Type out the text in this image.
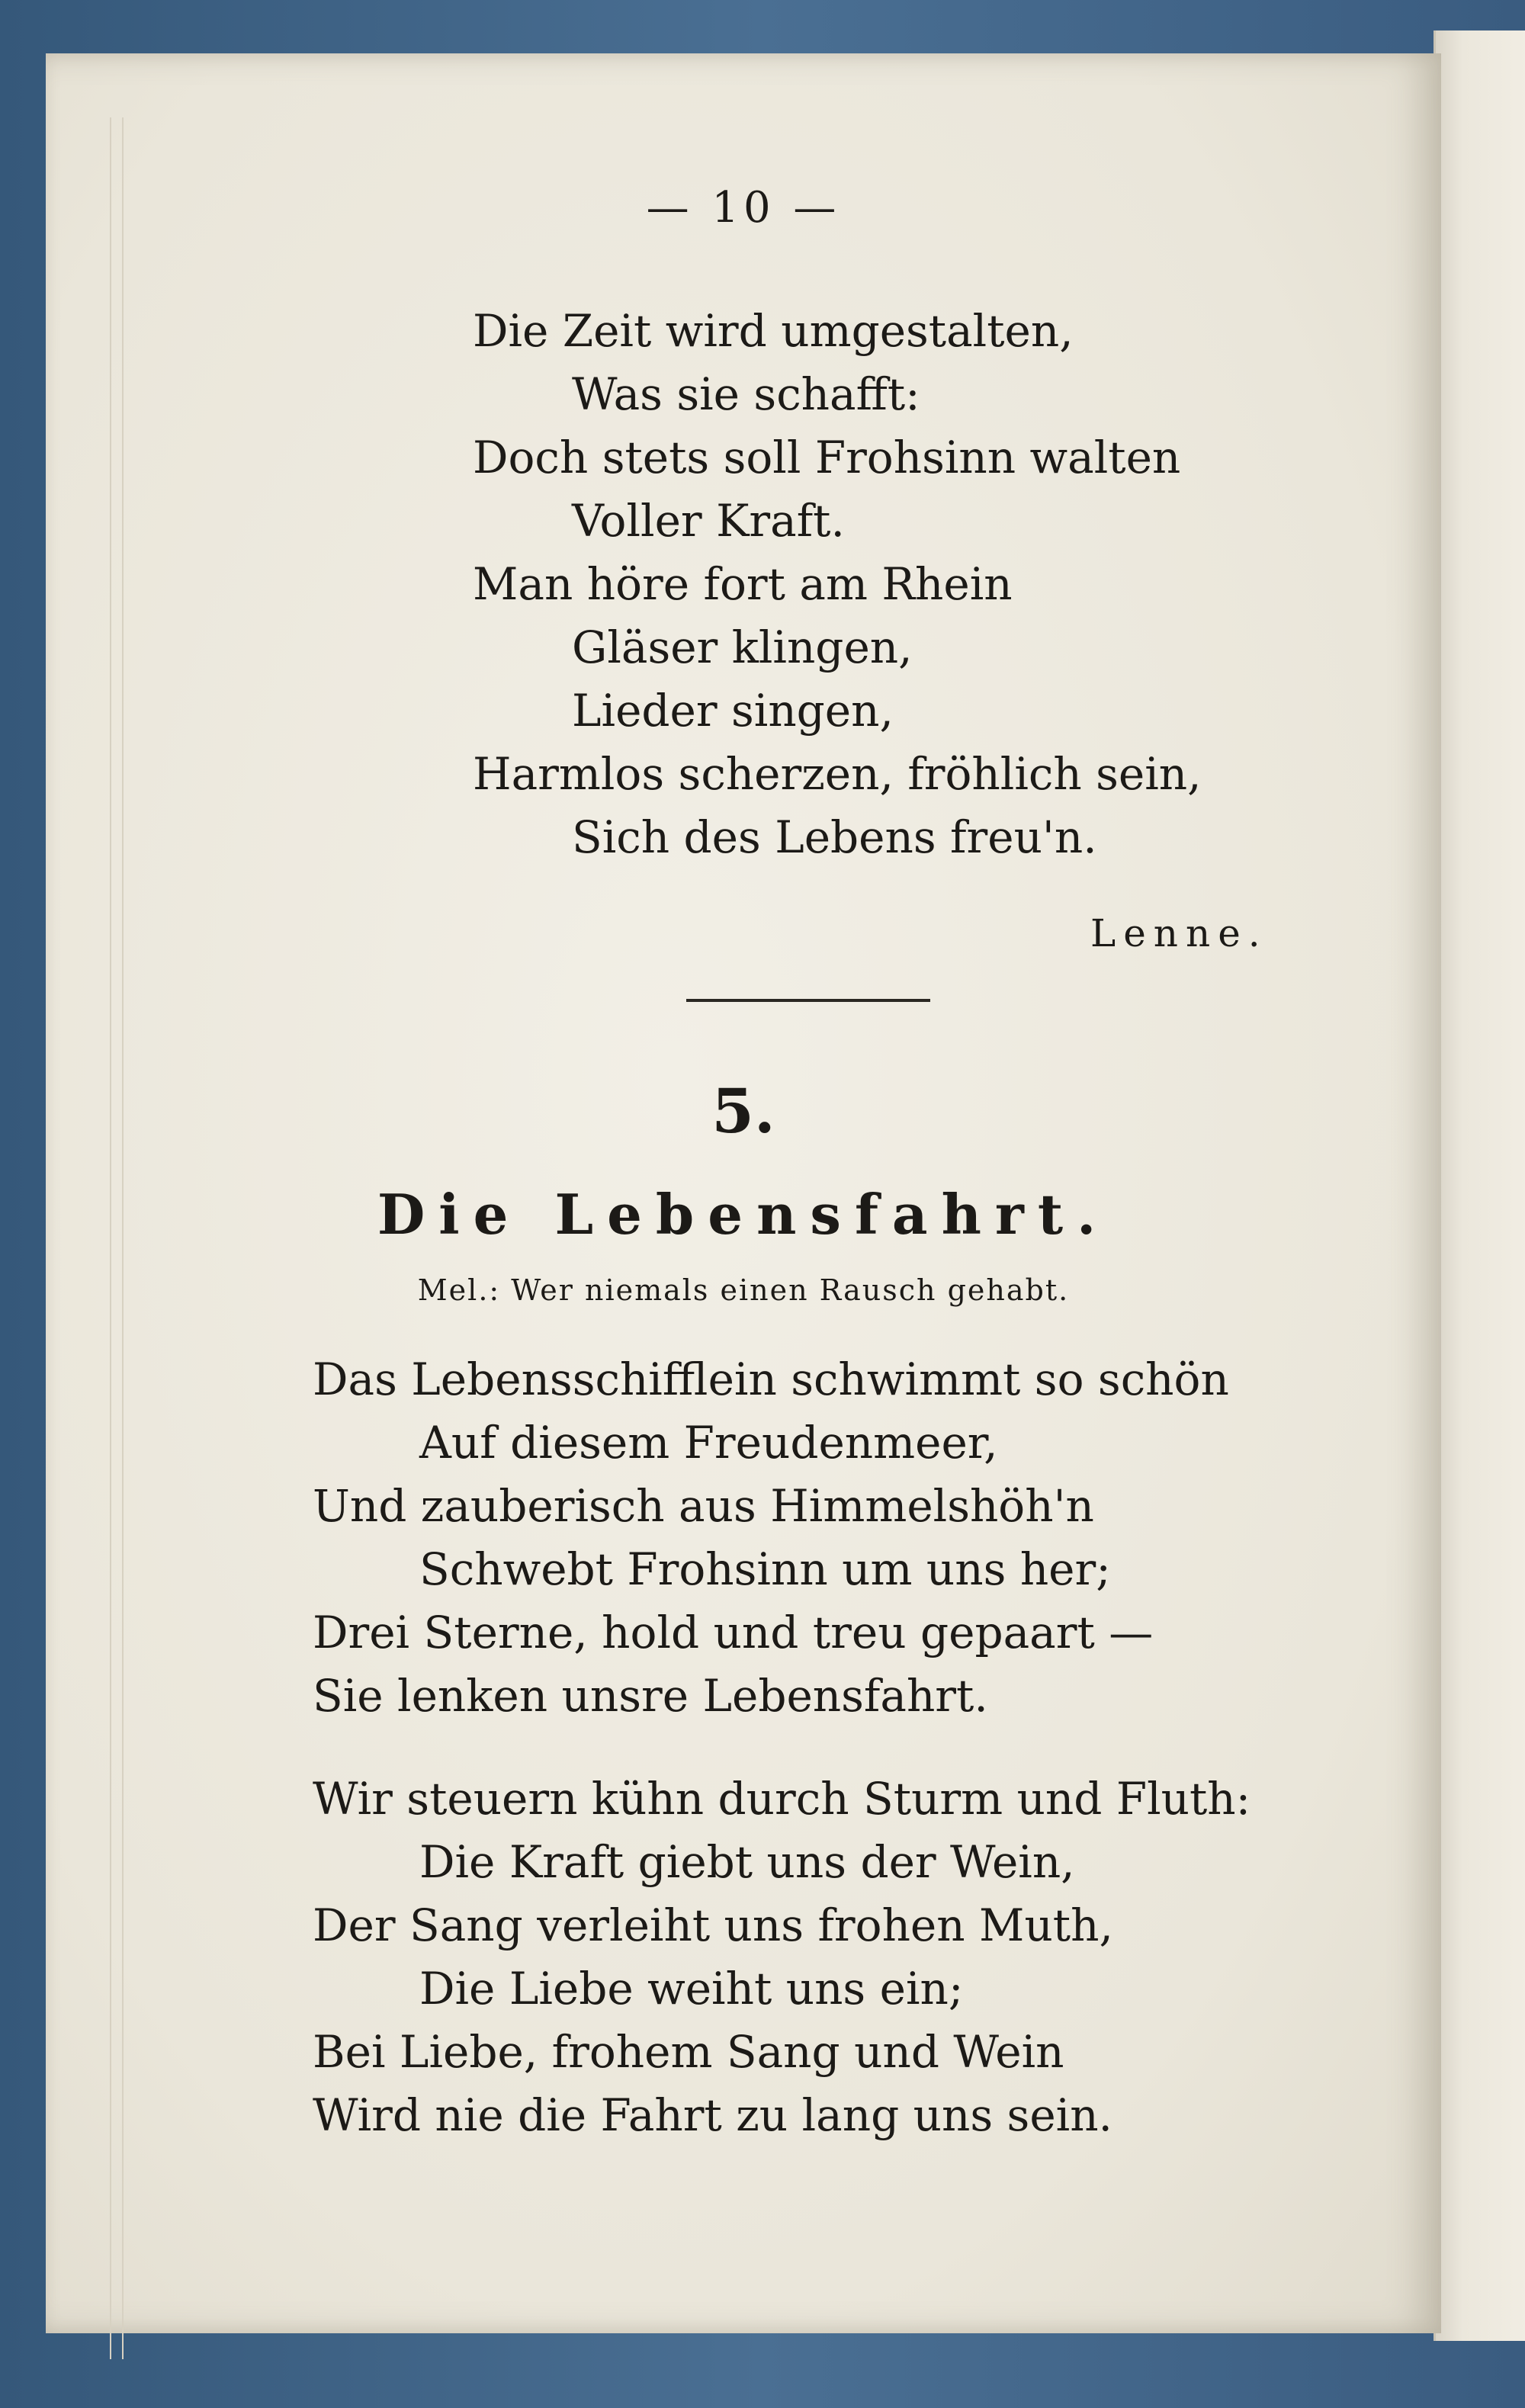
— 10 —
Die Zeit wird umgestalten,
Was sie schafft:
Doch stets soll Frohsinn walten
Voller Kraft.
Man höre fort am Rhein
Gläser klingen,
Lieder singen,
Harmlos scherzen, fröhlich sein,
Sich des Lebens freu'n.
Lenne.
5.
Die Lebensfahrt.
Mel.: Wer niemals einen Rausch gehabt.
Das Lebensschifflein schwimmt so schön
Auf diesem Freudenmeer,
Und zauberisch aus Himmelshöh'n
Schwebt Frohsinn um uns her;
Drei Sterne, hold und treu gepaart —
Sie lenken unsre Lebensfahrt.
Wir steuern kühn durch Sturm und Fluth:
Die Kraft giebt uns der Wein,
Der Sang verleiht uns frohen Muth,
Die Liebe weiht uns ein;
Bei Liebe, frohem Sang und Wein
Wird nie die Fahrt zu lang uns sein.
